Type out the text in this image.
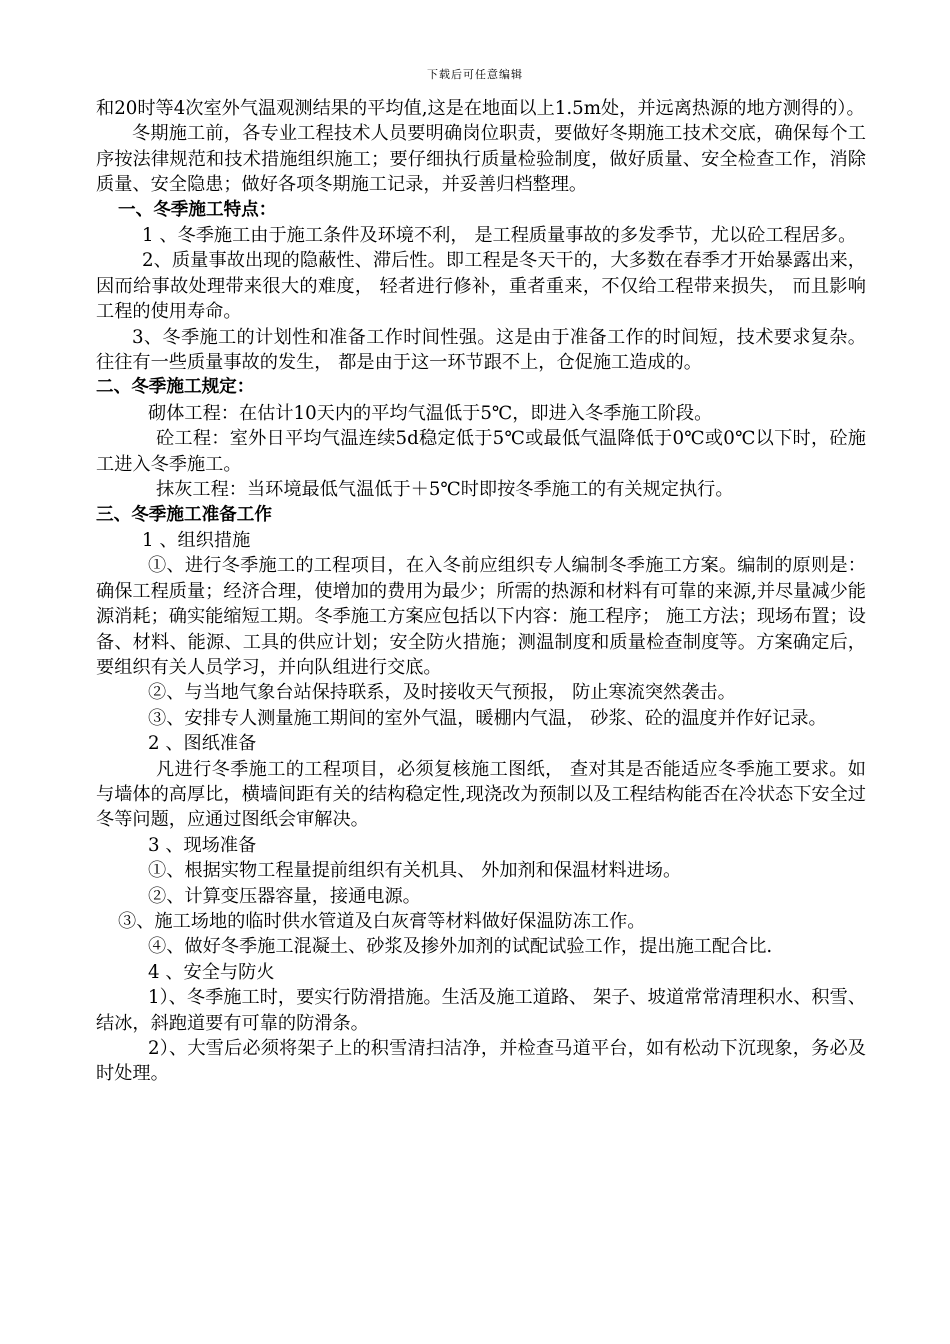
下载后可任意编辑

和20时等4次室外气温观测结果的平均值,这是在地面以上1.5m处，并远离热源的地方测得的）。

冬期施工前，各专业工程技术人员要明确岗位职责，要做好冬期施工技术交底，确保每个工序按法律规范和技术措施组织施工；要仔细执行质量检验制度，做好质量、安全检查工作，消除质量、安全隐患；做好各项冬期施工记录，并妥善归档整理。

一、冬季施工特点：

1 、冬季施工由于施工条件及环境不利， 是工程质量事故的多发季节，尤以砼工程居多。

2、质量事故出现的隐蔽性、滞后性。即工程是冬天干的，大多数在春季才开始暴露出来，因而给事故处理带来很大的难度， 轻者进行修补，重者重来，不仅给工程带来损失， 而且影响工程的使用寿命。

3、冬季施工的计划性和准备工作时间性强。这是由于准备工作的时间短，技术要求复杂。往往有一些质量事故的发生， 都是由于这一环节跟不上，仓促施工造成的。

二、冬季施工规定：

砌体工程：在估计10天内的平均气温低于5℃，即进入冬季施工阶段。

砼工程：室外日平均气温连续5d稳定低于5℃或最低气温降低于0℃或0℃以下时，砼施工进入冬季施工。

抹灰工程：当环境最低气温低于＋5℃时即按冬季施工的有关规定执行。

三、冬季施工准备工作

1 、组织措施

①、进行冬季施工的工程项目，在入冬前应组织专人编制冬季施工方案。编制的原则是：确保工程质量；经济合理，使增加的费用为最少；所需的热源和材料有可靠的来源,并尽量减少能源消耗；确实能缩短工期。冬季施工方案应包括以下内容：施工程序； 施工方法；现场布置；设备、材料、能源、工具的供应计划；安全防火措施；测温制度和质量检查制度等。方案确定后，要组织有关人员学习，并向队组进行交底。

②、与当地气象台站保持联系，及时接收天气预报， 防止寒流突然袭击。

③、安排专人测量施工期间的室外气温，暖棚内气温， 砂浆、砼的温度并作好记录。

2 、图纸准备

凡进行冬季施工的工程项目，必须复核施工图纸， 查对其是否能适应冬季施工要求。如与墙体的高厚比，横墙间距有关的结构稳定性,现浇改为预制以及工程结构能否在冷状态下安全过冬等问题，应通过图纸会审解决。

3 、现场准备

①、根据实物工程量提前组织有关机具、 外加剂和保温材料进场。

②、计算变压器容量，接通电源。

③、施工场地的临时供水管道及白灰膏等材料做好保温防冻工作。

④、做好冬季施工混凝土、砂浆及掺外加剂的试配试验工作，提出施工配合比.

4 、安全与防火

1）、冬季施工时，要实行防滑措施。生活及施工道路、 架子、坡道常常清理积水、积雪、结冰，斜跑道要有可靠的防滑条。

2）、大雪后必须将架子上的积雪清扫洁净，并检查马道平台，如有松动下沉现象，务必及时处理。
